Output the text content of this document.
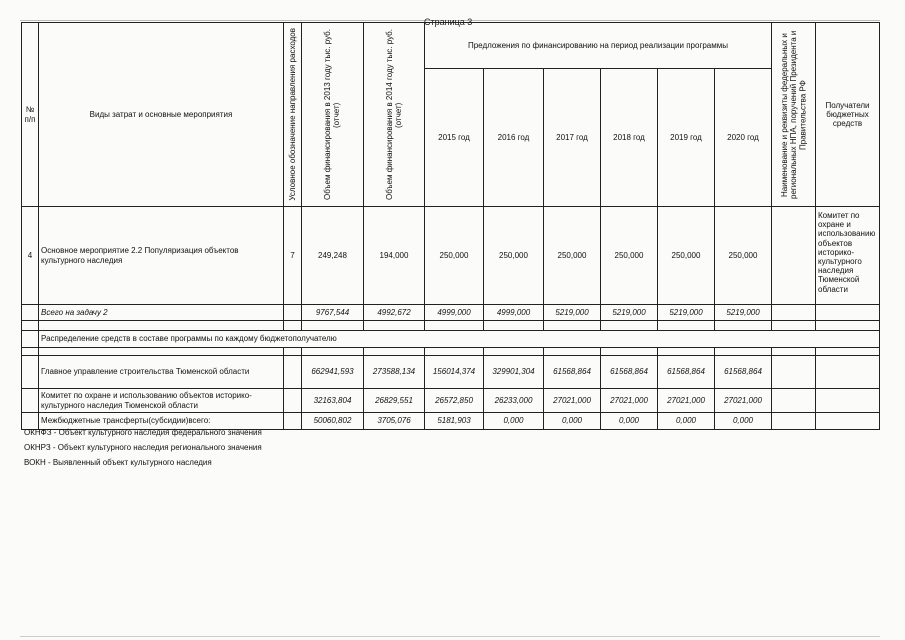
Страница 3
№ п/п	Виды затрат и основные мероприятия	Условное обозначение направления расходов	Объем финансирования в 2013 году тыс. руб.(отчет)	Объем финансирования в 2014 году тыс. руб.(отчет)	Предложения по финансированию на период реализации программы						Наименование и реквизиты федеральных и региональных НПА, поручений Президента и Правительства РФ	Получатели бюджетных средств
					2015 год	2016 год	2017 год	2018 год	2019 год	2020 год		
4	Основное мероприятие 2.2 Популяризация объектов культурного наследия	7	249,248	194,000	250,000	250,000	250,000	250,000	250,000	250,000		Комитет по охране и использованию объектов историко-культурного наследия Тюменской области
	Всего на задачу 2		9767,544	4992,672	4999,000	4999,000	5219,000	5219,000	5219,000	5219,000		

	Распределение средств в составе программы по каждому бюджетополучателю											

	Главное управление строительства Тюменской области		662941,593	273588,134	156014,374	329901,304	61568,864	61568,864	61568,864	61568,864		
	Комитет по охране и использованию объектов историко-культурного наследия Тюменской области		32163,804	26829,551	26572,850	26233,000	27021,000	27021,000	27021,000	27021,000		
	Межбюджетные трансферты(субсидии)всего:		50060,802	3705,076	5181,903	0,000	0,000	0,000	0,000	0,000		
ОКНФЗ - Объект культурного наследия федерального значения
ОКНРЗ - Объект культурного наследия регионального значения
ВОКН - Выявленный объект культурного наследия
